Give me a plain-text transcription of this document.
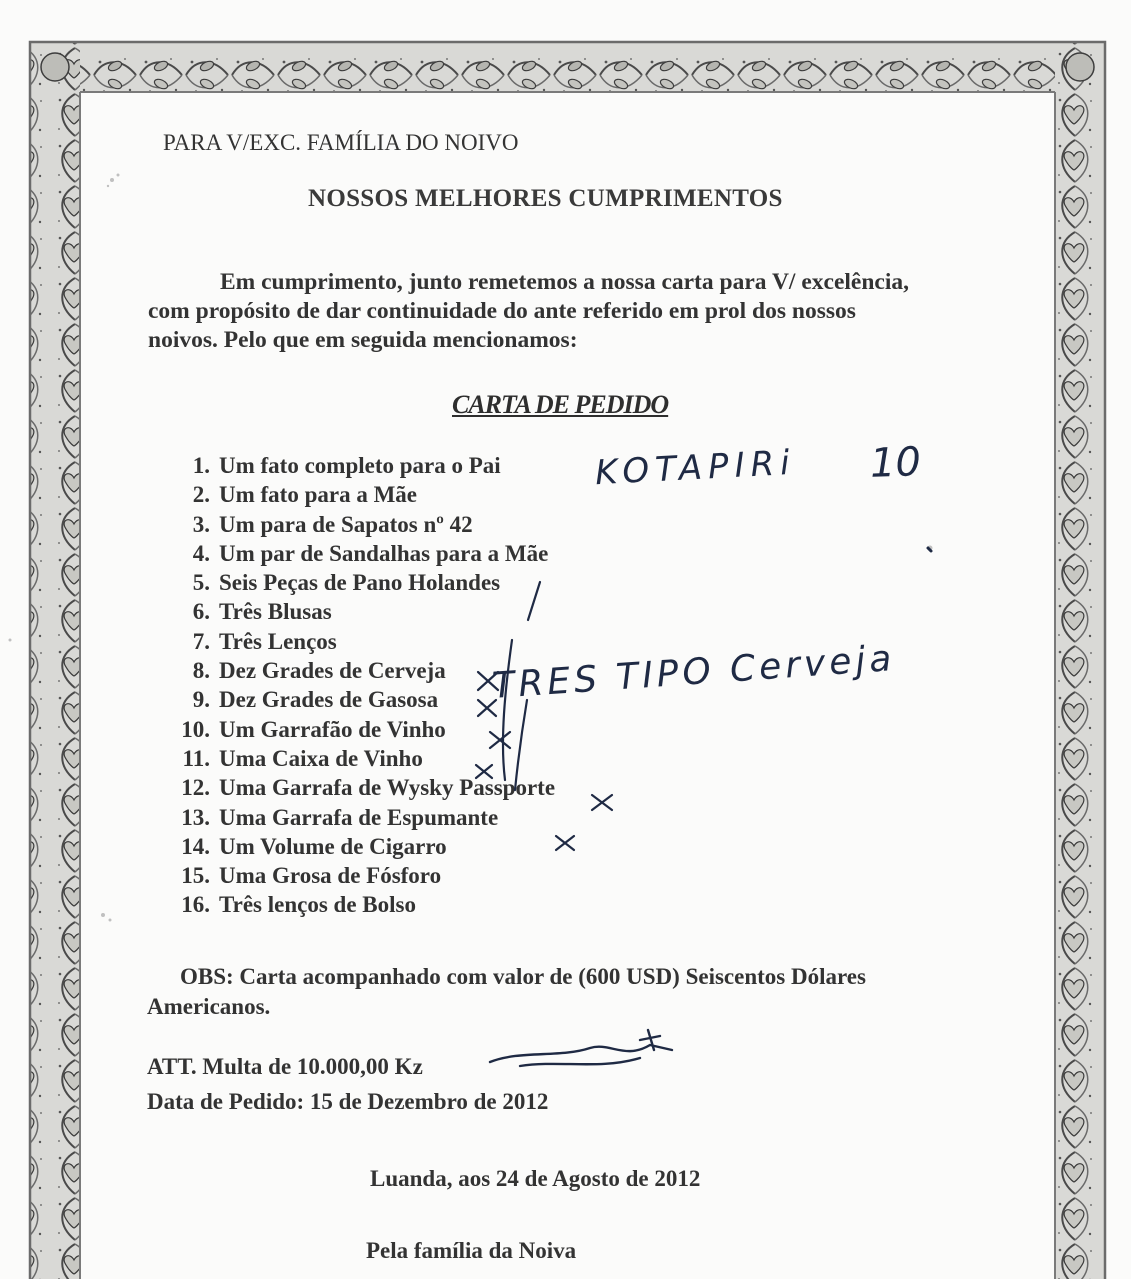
PARA V/EXC. FAMÍLIA DO NOIVO
NOSSOS MELHORES CUMPRIMENTOS

Em cumprimento, junto remetemos a nossa carta para V/ excelência,

com propósito de dar continuidade do ante referido em prol dos nossos

noivos. Pelo que em seguida mencionamos:

CARTA DE PEDIDO
1. Um fato completo para o Pai
2. Um fato para a Mãe
3. Um para de Sapatos nº 42
4. Um par de Sandalhas para a Mãe
5. Seis Peças de Pano Holandes
6. Três Blusas
7. Três Lenços
8. Dez Grades de Cerveja
9. Dez Grades de Gasosa
10. Um Garrafão de Vinho
11. Uma Caixa de Vinho
12. Uma Garrafa de Wysky Passporte
13. Uma Garrafa de Espumante
14. Um Volume de Cigarro
15. Uma Grosa de Fósforo
16. Três lenços de Bolso

OBS: Carta acompanhado com valor de (600 USD) Seiscentos Dólares

Americanos.

ATT. Multa de 10.000,00 Kz
Data de Pedido: 15 de Dezembro de 2012
Luanda, aos 24 de Agosto de 2012
Pela família da Noiva
KOTAPIRi 10
TRES TIPO Cerveja
